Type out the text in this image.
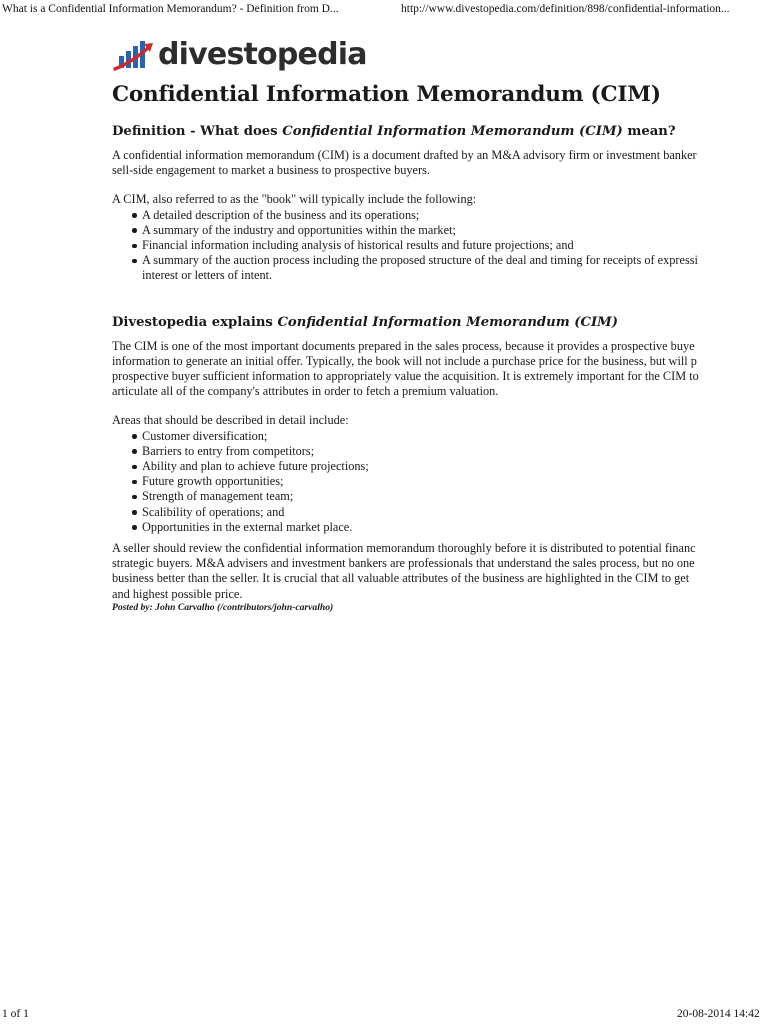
What is a Confidential Information Memorandum? - Definition from D...	http://www.divestopedia.com/definition/898/confidential-information...
divestopedia
Confidential Information Memorandum (CIM)
Definition - What does Confidential Information Memorandum (CIM) mean?

A confidential information memorandum (CIM) is a document drafted by an M&A advisory firm or investment banker
sell-side engagement to market a business to prospective buyers.

A CIM, also referred to as the "book" will typically include the following:

A detailed description of the business and its operations;
A summary of the industry and opportunities within the market;
Financial information including analysis of historical results and future projections; and
A summary of the auction process including the proposed structure of the deal and timing for receipts of expressi
interest or letters of intent.
Divestopedia explains Confidential Information Memorandum (CIM)

The CIM is one of the most important documents prepared in the sales process, because it provides a prospective buye
information to generate an initial offer. Typically, the book will not include a purchase price for the business, but will p
prospective buyer sufficient information to appropriately value the acquisition. It is extremely important for the CIM to
articulate all of the company's attributes in order to fetch a premium valuation.

Areas that should be described in detail include:

Customer diversification;
Barriers to entry from competitors;
Ability and plan to achieve future projections;
Future growth opportunities;
Strength of management team;
Scalibility of operations; and
Opportunities in the external market place.

A seller should review the confidential information memorandum thoroughly before it is distributed to potential financ
strategic buyers. M&A advisers and investment bankers are professionals that understand the sales process, but no one
business better than the seller. It is crucial that all valuable attributes of the business are highlighted in the CIM to get
and highest possible price.

Posted by: John Carvalho (/contributors/john-carvalho)
1 of 1	20-08-2014 14:42
